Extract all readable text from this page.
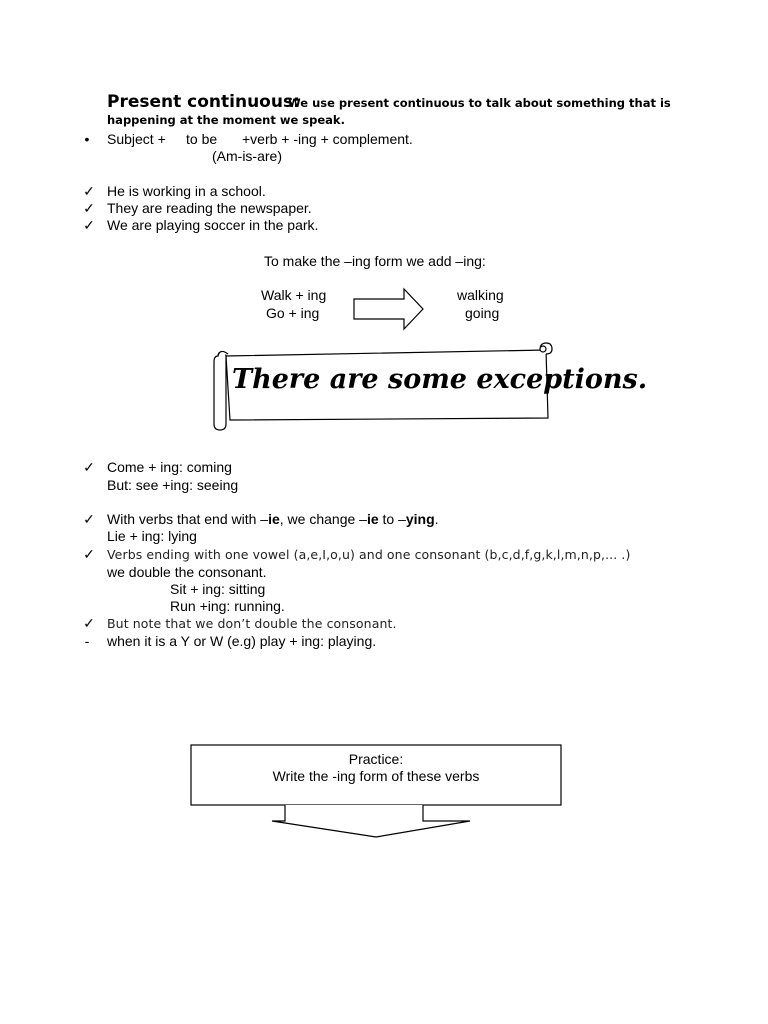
Present continuous:
We use present continuous to talk about something that is
happening at the moment we speak.
•	Subject + to be +verb + -ing + complement.
(Am-is-are)
✓ He is working in a school.
✓ They are reading the newspaper.
✓ We are playing soccer in the park.
To make the –ing form we add –ing:
Walk + ing
Go + ing
walking
going
There are some exceptions.
✓ Come + ing: coming
But: see +ing: seeing
✓ With verbs that end with –ie, we change –ie to –ying.
Lie + ing: lying
✓ Verbs ending with one vowel (a,e,I,o,u) and one consonant (b,c,d,f,g,k,l,m,n,p,... .)
we double the consonant.
Sit + ing: sitting
Run +ing: running.
✓ But note that we don’t double the consonant.
-	when it is a Y or W (e.g) play + ing: playing.
Practice:
Write the -ing form of these verbs
